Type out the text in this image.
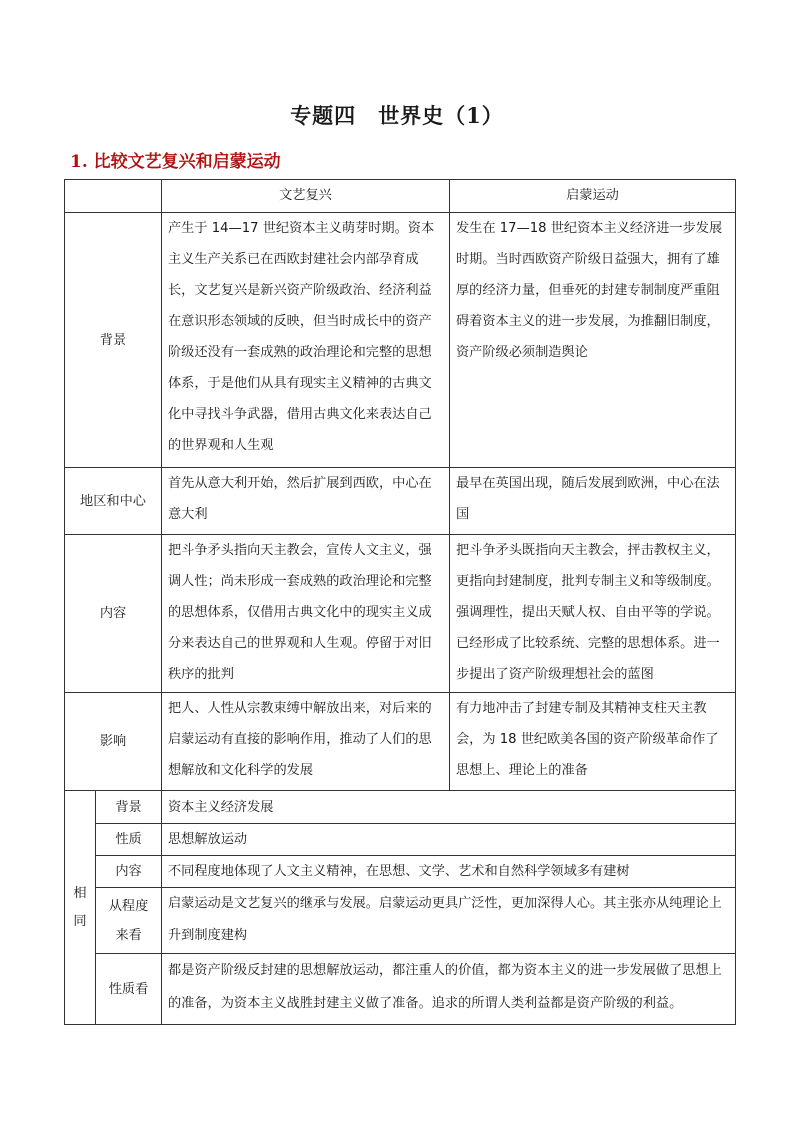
专题四 世界史（1）
1. 比较文艺复兴和启蒙运动
		文艺复兴	启蒙运动
背景		产生于 14—17 世纪资本主义萌芽时期。资本主义生产关系已在西欧封建社会内部孕育成长，文艺复兴是新兴资产阶级政治、经济利益在意识形态领域的反映，但当时成长中的资产阶级还没有一套成熟的政治理论和完整的思想体系，于是他们从具有现实主义精神的古典文化中寻找斗争武器，借用古典文化来表达自己的世界观和人生观	发生在 17—18 世纪资本主义经济进一步发展时期。当时西欧资产阶级日益强大，拥有了雄厚的经济力量，但垂死的封建专制制度严重阻碍着资本主义的进一步发展，为推翻旧制度，资产阶级必须制造舆论
地区和中心		首先从意大利开始，然后扩展到西欧，中心在意大利	最早在英国出现，随后发展到欧洲，中心在法国
内容		把斗争矛头指向天主教会，宣传人文主义，强调人性；尚未形成一套成熟的政治理论和完整的思想体系，仅借用古典文化中的现实主义成分来表达自己的世界观和人生观。停留于对旧秩序的批判	把斗争矛头既指向天主教会，抨击教权主义，更指向封建制度，批判专制主义和等级制度。强调理性，提出天赋人权、自由平等的学说。已经形成了比较系统、完整的思想体系。进一步提出了资产阶级理想社会的蓝图
影响		把人、人性从宗教束缚中解放出来，对后来的启蒙运动有直接的影响作用，推动了人们的思想解放和文化科学的发展	有力地冲击了封建专制及其精神支柱天主教会，为 18 世纪欧美各国的资产阶级革命作了思想上、理论上的准备
相
同	背景	资本主义经济发展	
	性质	思想解放运动	
	内容	不同程度地体现了人文主义精神，在思想、文学、艺术和自然科学领域多有建树	
	从程度
来看	启蒙运动是文艺复兴的继承与发展。启蒙运动更具广泛性，更加深得人心。其主张亦从纯理论上升到制度建构	
	性质看	都是资产阶级反封建的思想解放运动，都注重人的价值，都为资本主义的进一步发展做了思想上的准备，为资本主义战胜封建主义做了准备。追求的所谓人类利益都是资产阶级的利益。	
